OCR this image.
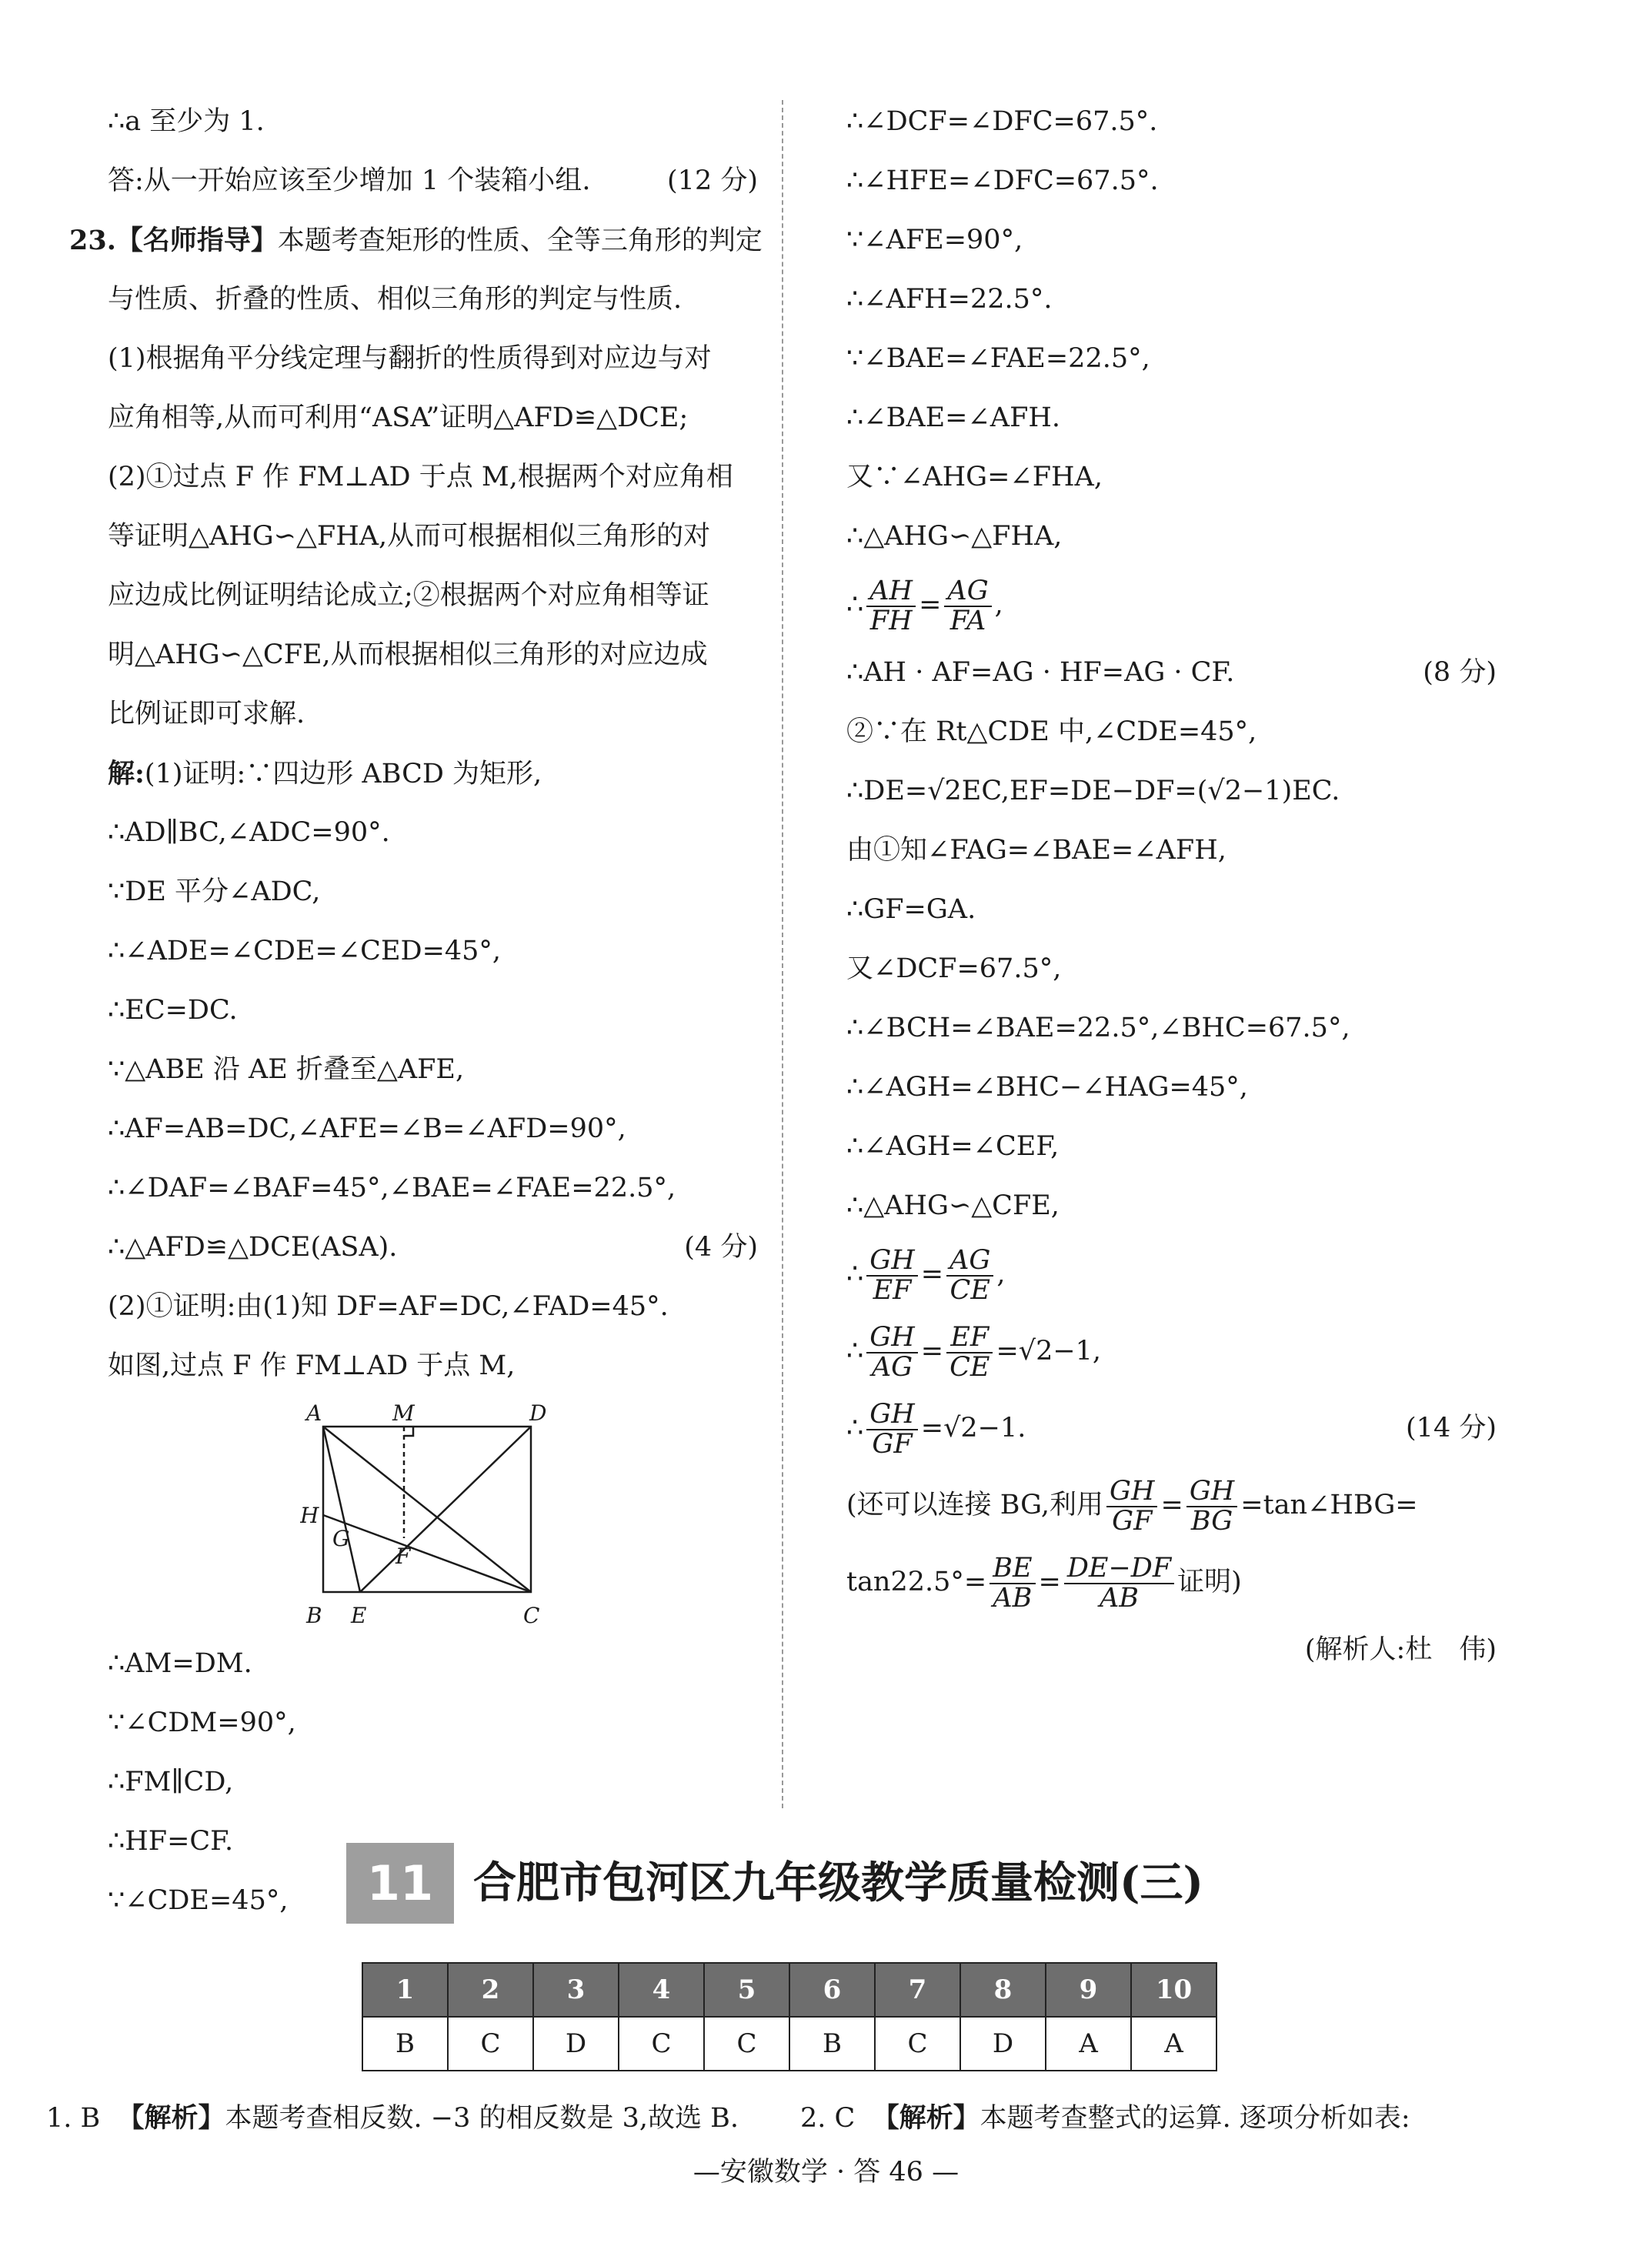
∴a 至少为 1.
答:从一开始应该至少增加 1 个装箱小组.	(12 分)
23.【名师指导】本题考查矩形的性质、全等三角形的判定
与性质、折叠的性质、相似三角形的判定与性质.
(1)根据角平分线定理与翻折的性质得到对应边与对
应角相等,从而可利用“ASA”证明△AFD≌△DCE;
(2)①过点 F 作 FM⊥AD 于点 M,根据两个对应角相
等证明△AHG∽△FHA,从而可根据相似三角形的对
应边成比例证明结论成立;②根据两个对应角相等证
明△AHG∽△CFE,从而根据相似三角形的对应边成
比例证即可求解.
解:(1)证明:∵四边形 ABCD 为矩形,
∴AD∥BC,∠ADC=90°.
∵DE 平分∠ADC,
∴∠ADE=∠CDE=∠CED=45°,
∴EC=DC.
∵△ABE 沿 AE 折叠至△AFE,
∴AF=AB=DC,∠AFE=∠B=∠AFD=90°,
∴∠DAF=∠BAF=45°,∠BAE=∠FAE=22.5°,
∴△AFD≌△DCE(ASA).	(4 分)
(2)①证明:由(1)知 DF=AF=DC,∠FAD=45°.
如图,过点 F 作 FM⊥AD 于点 M,
A	M	D
H
G
F
B E	C
∴AM=DM.
∵∠CDM=90°,
∴FM∥CD,
∴HF=CF.
∵∠CDE=45°,
∴∠DCF=∠DFC=67.5°.
∴∠HFE=∠DFC=67.5°.
∵∠AFE=90°,
∴∠AFH=22.5°.
∵∠BAE=∠FAE=22.5°,
∴∠BAE=∠AFH.
又∵∠AHG=∠FHA,
∴△AHG∽△FHA,
∴ $\frac{AH}{FH} = \frac{AG}{FA}$ ,
∴AH · AF=AG · HF=AG · CF.	(8 分)
②∵在 Rt△CDE 中,∠CDE=45°,
∴DE=√2EC,EF=DE−DF=(√2−1)EC.
由①知∠FAG=∠BAE=∠AFH,
∴GF=GA.
又∠DCF=67.5°,
∴∠BCH=∠BAE=22.5°,∠BHC=67.5°,
∴∠AGH=∠BHC−∠HAG=45°,
∴∠AGH=∠CEF,
∴△AHG∽△CFE,
∴ $\frac{GH}{EF} = \frac{AG}{CE}$ ,
∴ $\frac{GH}{AG} = \frac{EF}{CE} =√2-1$,
∴ $\frac{GH}{GF} =√2-1$.	(14 分)
(还可以连接 BG,利用 $\frac{GH}{GF} = \frac{GH}{BG}$ =tan∠HBG=
$\tan 22.5^\circ= \frac{BE}{AB} = \frac{DE-DF}{AB}$ 证明)
(解析人:杜　伟)
11 合肥市包河区九年级教学质量检测(三)
1	2	3	4	5	6	7	8	9	10
B	C	D	C	C	B	C	D	A	A
1. B 【解析】本题考查相反数. −3 的相反数是 3,故选 B. 2. C 【解析】本题考查整式的运算. 逐项分析如表:
—安徽数学 · 答 46 —
